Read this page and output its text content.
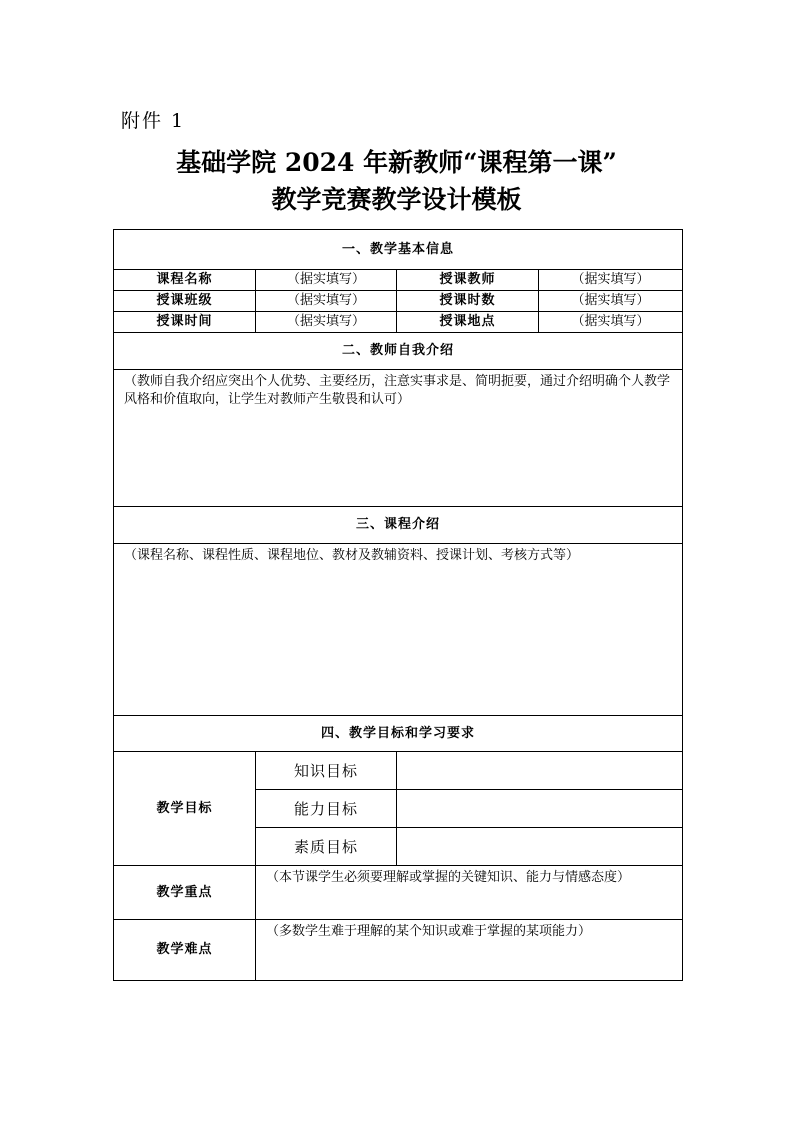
附件 1
基础学院 2024 年新教师“课程第一课”
教学竞赛教学设计模板
一、教学基本信息			
课程名称	（据实填写）	授课教师	（据实填写）
授课班级	（据实填写）	授课时数	（据实填写）
授课时间	（据实填写）	授课地点	（据实填写）
二、教师自我介绍			
（教师自我介绍应突出个人优势、主要经历，注意实事求是、简明扼要，通过介绍明确个人教学风格和价值取向，让学生对教师产生敬畏和认可）			
三、课程介绍			
（课程名称、课程性质、课程地位、教材及教辅资料、授课计划、考核方式等）			
四、教学目标和学习要求			
教学目标	知识目标		
	能力目标		
	素质目标		
教学重点	（本节课学生必须要理解或掌握的关键知识、能力与情感态度）		
教学难点	（多数学生难于理解的某个知识或难于掌握的某项能力）		
